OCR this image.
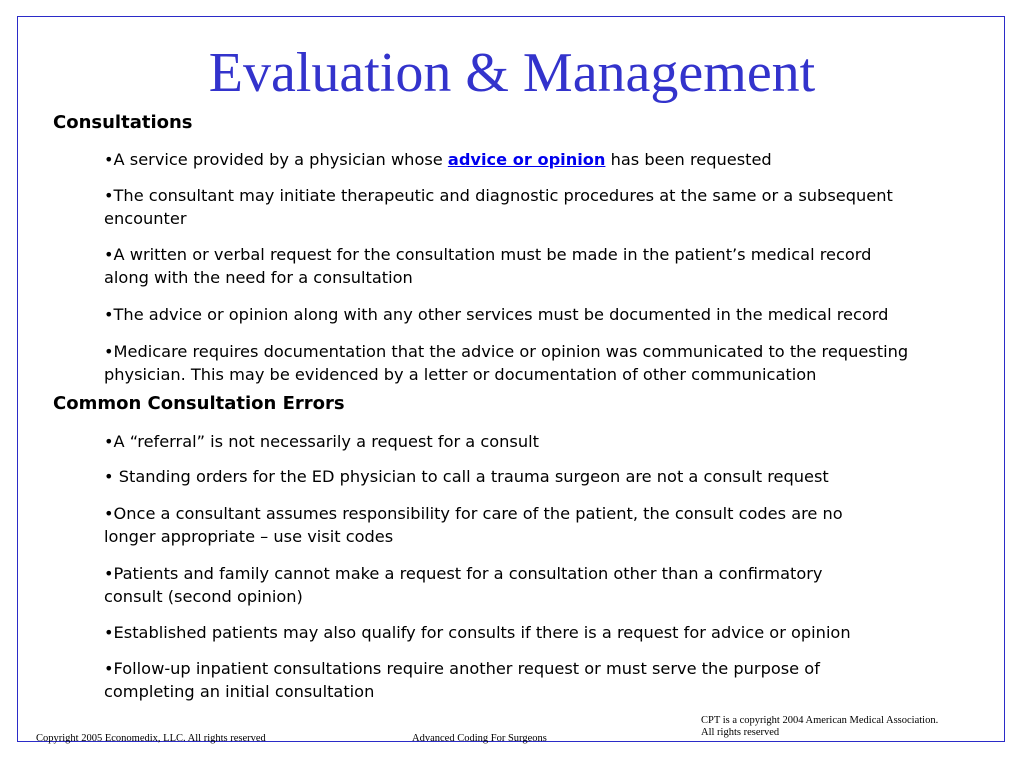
Evaluation & Management
Consultations
•A service provided by a physician whose advice or opinion has been requested
•The consultant may initiate therapeutic and diagnostic procedures at the same or a subsequent
encounter
•A written or verbal request for the consultation must be made in the patient’s medical record
along with the need for a consultation
•The advice or opinion along with any other services must be documented in the medical record
•Medicare requires documentation that the advice or opinion was communicated to the requesting
physician. This may be evidenced by a letter or documentation of other communication
Common Consultation Errors
•A “referral” is not necessarily a request for a consult
• Standing orders for the ED physician to call a trauma surgeon are not a consult request
•Once a consultant assumes responsibility for care of the patient, the consult codes are no
longer appropriate – use visit codes
•Patients and family cannot make a request for a consultation other than a confirmatory
consult (second opinion)
•Established patients may also qualify for consults if there is a request for advice or opinion
•Follow-up inpatient consultations require another request or must serve the purpose of
completing an initial consultation
Copyright 2005 Economedix, LLC. All rights reserved	Advanced Coding For Surgeons
CPT is a copyright 2004 American Medical Association.
All rights reserved
